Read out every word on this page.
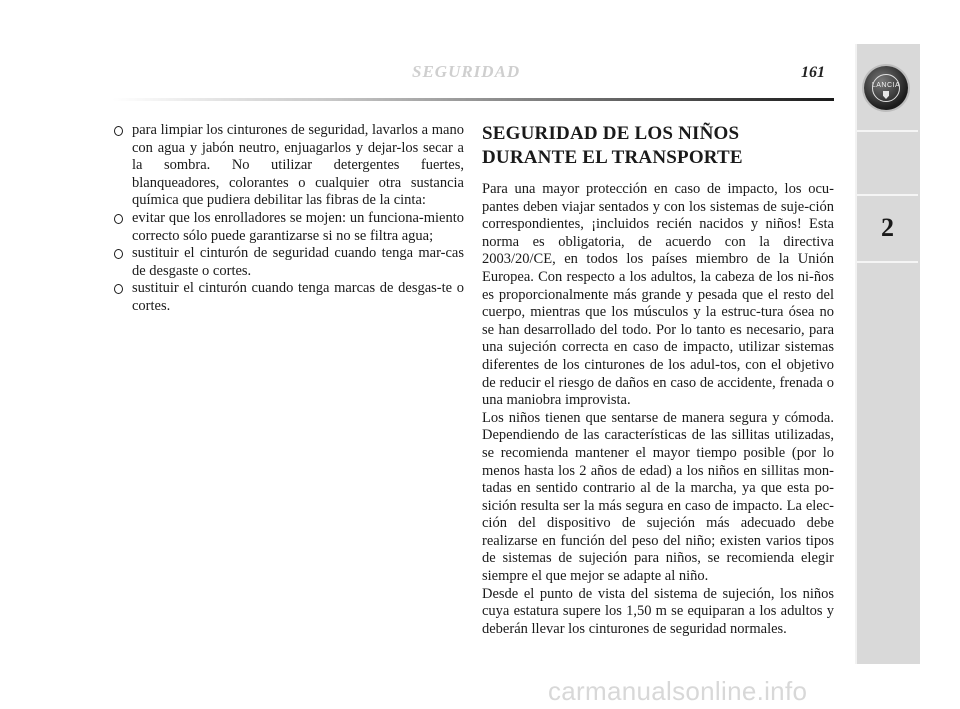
SEGURIDAD	161
LANCIA
2
para limpiar los cinturones de seguridad, lavarlos a mano con agua y jabón neutro, enjuagarlos y dejar-los secar a la sombra. No utilizar detergentes fuertes, blanqueadores, colorantes o cualquier otra sustancia química que pudiera debilitar las fibras de la cinta:
evitar que los enrolladores se mojen: un funciona-miento correcto sólo puede garantizarse si no se filtra agua;
sustituir el cinturón de seguridad cuando tenga mar-cas de desgaste o cortes.
sustituir el cinturón cuando tenga marcas de desgas-te o cortes.
SEGURIDAD DE LOS NIÑOS
DURANTE EL TRANSPORTE

Para una mayor protección en caso de impacto, los ocu-pantes deben viajar sentados y con los sistemas de suje-ción correspondientes, ¡incluidos recién nacidos y niños! Esta norma es obligatoria, de acuerdo con la directiva 2003/20/CE, en todos los países miembro de la Unión Europea. Con respecto a los adultos, la cabeza de los ni-ños es proporcionalmente más grande y pesada que el resto del cuerpo, mientras que los músculos y la estruc-tura ósea no se han desarrollado del todo. Por lo tanto es necesario, para una sujeción correcta en caso de impacto, utilizar sistemas diferentes de los cinturones de los adul-tos, con el objetivo de reducir el riesgo de daños en caso de accidente, frenada o una maniobra improvista.

Los niños tienen que sentarse de manera segura y cómoda. Dependiendo de las características de las sillitas utilizadas, se recomienda mantener el mayor tiempo posible (por lo menos hasta los 2 años de edad) a los niños en sillitas mon-tadas en sentido contrario al de la marcha, ya que esta po-sición resulta ser la más segura en caso de impacto. La elec-ción del dispositivo de sujeción más adecuado debe realizarse en función del peso del niño; existen varios tipos de sistemas de sujeción para niños, se recomienda elegir siempre el que mejor se adapte al niño.

Desde el punto de vista del sistema de sujeción, los niños cuya estatura supere los 1,50 m se equiparan a los adultos y deberán llevar los cinturones de seguridad normales.

carmanualsonline.info
